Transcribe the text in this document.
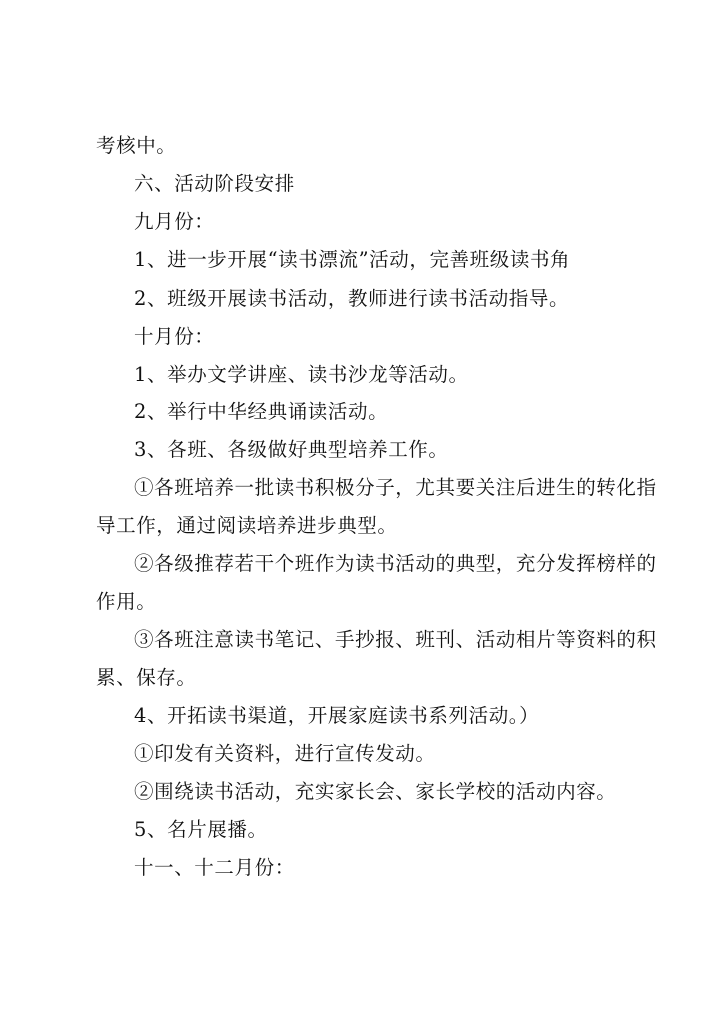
考核中。
六、活动阶段安排
九月份：
1、进一步开展“读书漂流”活动，完善班级读书角
2、班级开展读书活动，教师进行读书活动指导。
十月份：
1、举办文学讲座、读书沙龙等活动。
2、举行中华经典诵读活动。
3、各班、各级做好典型培养工作。
①各班培养一批读书积极分子，尤其要关注后进生的转化指
导工作，通过阅读培养进步典型。
②各级推荐若干个班作为读书活动的典型，充分发挥榜样的
作用。
③各班注意读书笔记、手抄报、班刊、活动相片等资料的积
累、保存。
4、开拓读书渠道，开展家庭读书系列活动。）
①印发有关资料，进行宣传发动。
②围绕读书活动，充实家长会、家长学校的活动内容。
5、名片展播。
十一、十二月份：
